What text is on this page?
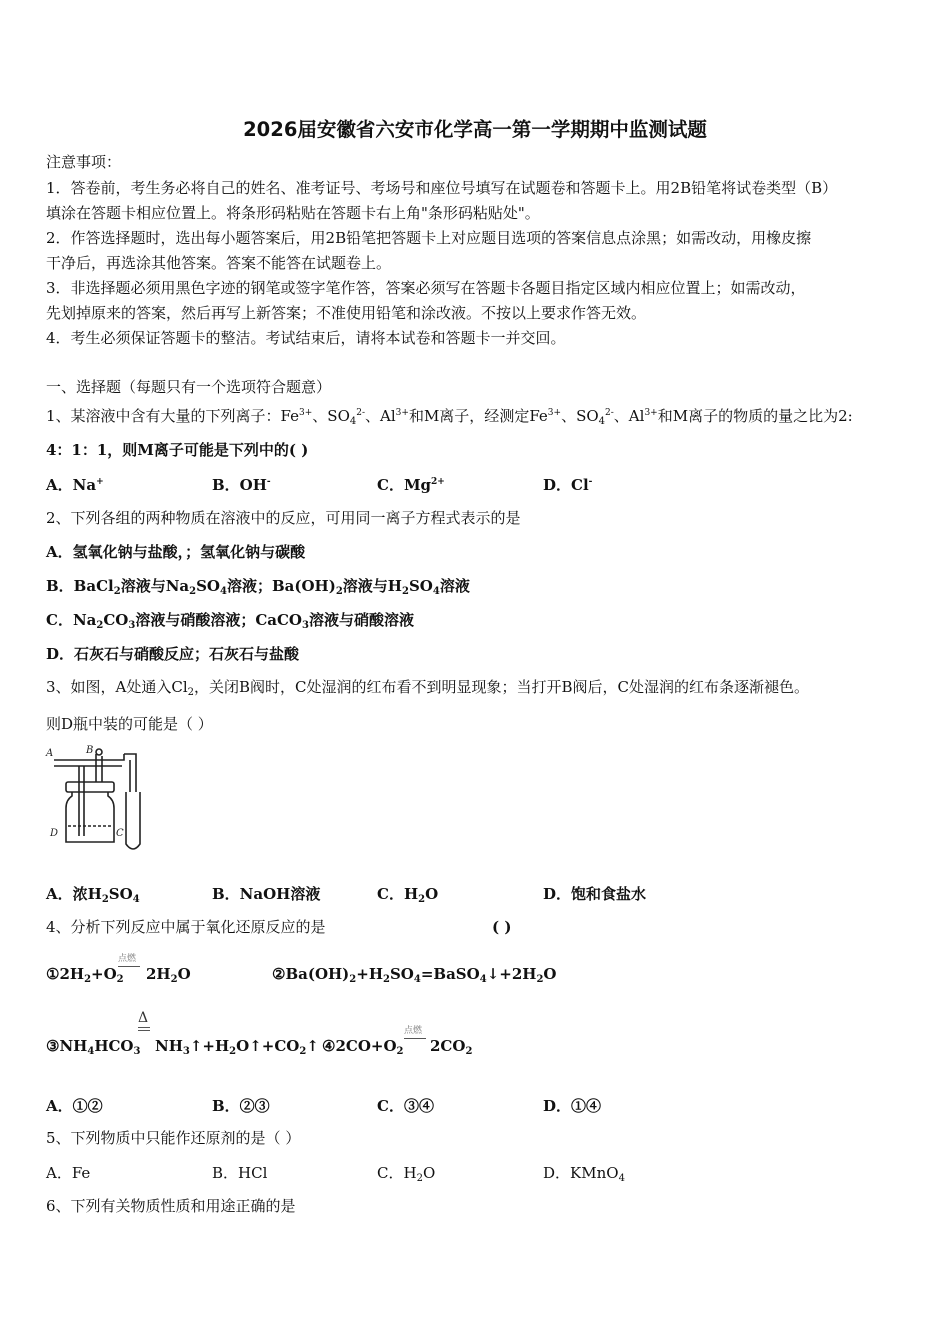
2026届安徽省六安市化学高一第一学期期中监测试题
注意事项：
1．答卷前，考生务必将自己的姓名、准考证号、考场号和座位号填写在试题卷和答题卡上。用2B铅笔将试卷类型（B）
填涂在答题卡相应位置上。将条形码粘贴在答题卡右上角"条形码粘贴处"。
2．作答选择题时，选出每小题答案后，用2B铅笔把答题卡上对应题目选项的答案信息点涂黑；如需改动，用橡皮擦
干净后，再选涂其他答案。答案不能答在试题卷上。
3．非选择题必须用黑色字迹的钢笔或签字笔作答，答案必须写在答题卡各题目指定区域内相应位置上；如需改动，
先划掉原来的答案，然后再写上新答案；不准使用铅笔和涂改液。不按以上要求作答无效。
4．考生必须保证答题卡的整洁。考试结束后，请将本试卷和答题卡一并交回。
一、选择题（每题只有一个选项符合题意）
1、某溶液中含有大量的下列离子：$Fe^{3+}$、$SO_4^{2-}$、$Al^{3+}$和M离子，经测定$Fe^{3+}$、$SO_4^{2-}$、$Al^{3+}$和M离子的物质的量之比为2:
4：1：1，则M离子可能是下列中的( )
A．Na+	B．OH-	C．$Mg^{2+}$	D．Cl-
2、下列各组的两种物质在溶液中的反应，可用同一离子方程式表示的是
A．氢氧化钠与盐酸，；氢氧化钠与碳酸
B．BaCl$_2$溶液与$Na_2SO_4$溶液；$Ba(OH)_2$溶液与$H_2SO_4$溶液
C．$Na_2CO_3$溶液与硝酸溶液；CaCO$_3$溶液与硝酸溶液
D．石灰石与硝酸反应；石灰石与盐酸
3、如图，A处通入$Cl_2$，关闭B阀时，C处湿润的红布看不到明显现象；当打开B阀后，C处湿润的红布条逐渐褪色。
则D瓶中装的可能是（ ）
A	B
D	C
A．浓$H_2SO_4$	B．NaOH溶液	C．$H_2O$	D．饱和食盐水
4、分析下列反应中属于氧化还原反应的是	( )
$①2H_2+O_2$
点燃
$2H_2O$	$②Ba(OH)_2+H_2SO_4=BaSO_4↓+2H_2O$
$③NH_4HCO_3$
Δ
$NH_3↑+H_2O↑+CO_2↑$ $④2CO+O_2$
点燃
$2CO_2$
A．①②	B．②③	C．③④	D．①④
5、下列物质中只能作还原剂的是（ ）
A．Fe	B．HCl	C．$H_2O$	D．KMnO$_4$
6、下列有关物质性质和用途正确的是
